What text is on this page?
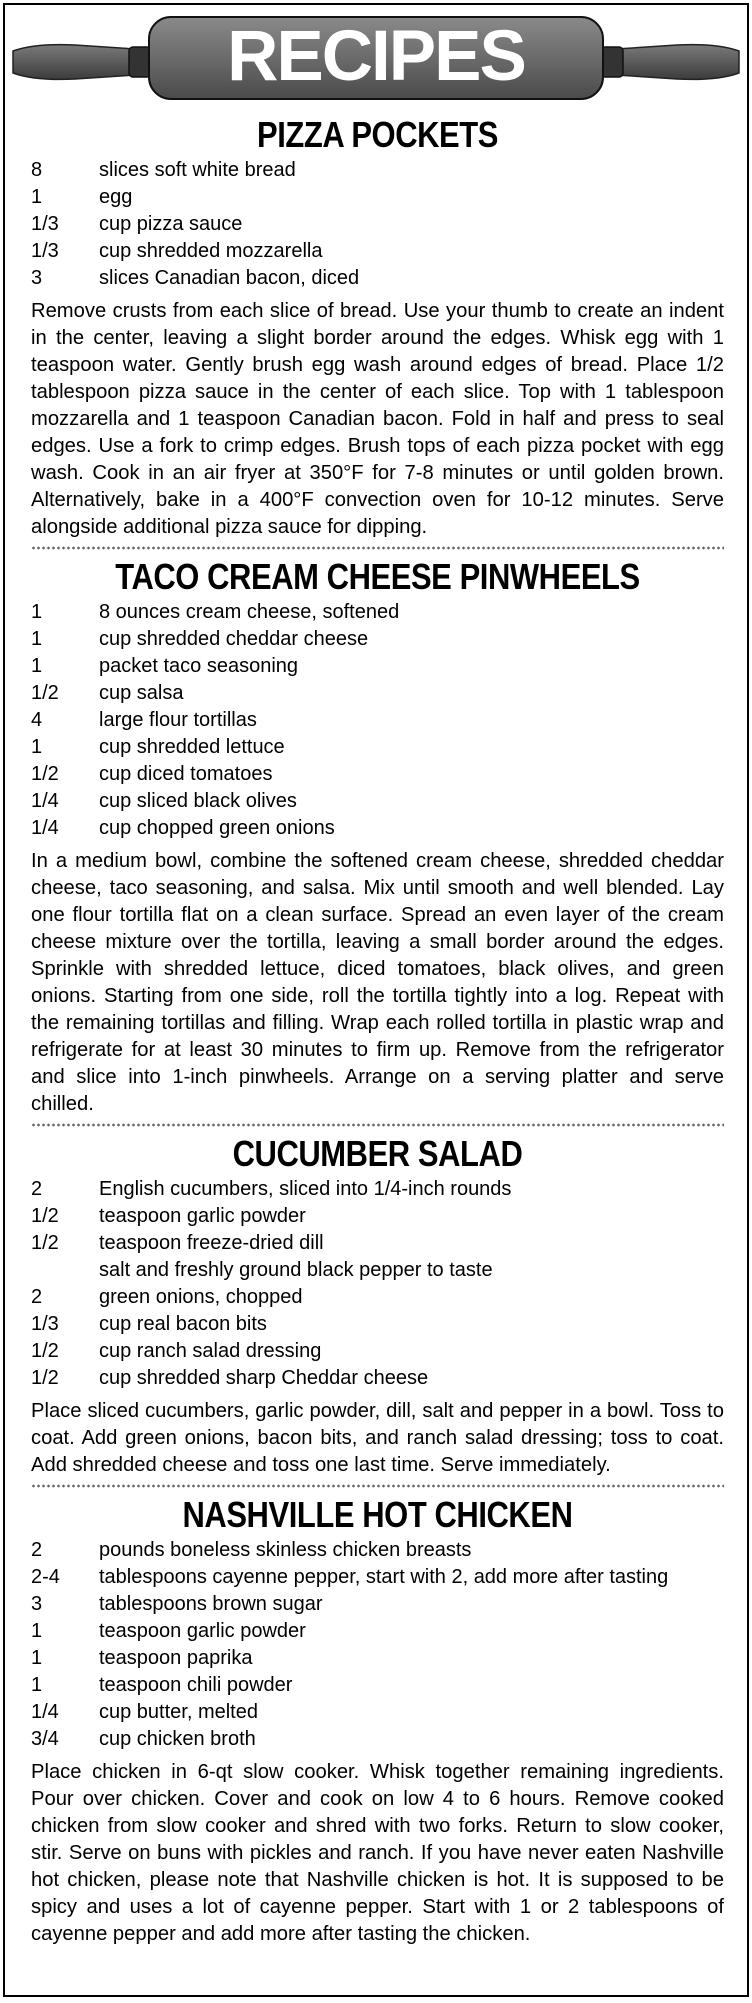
RECIPES
PIZZA POCKETS
8	slices soft white bread
1	egg
1/3	cup pizza sauce
1/3	cup shredded mozzarella
3	slices Canadian bacon, diced

Remove crusts from each slice of bread. Use your thumb to create an indent in the center, leaving a slight border around the edges. Whisk egg with 1 teaspoon water. Gently brush egg wash around edges of bread. Place 1/2 tablespoon pizza sauce in the center of each slice. Top with 1 tablespoon mozzarella and 1 teaspoon Canadian bacon. Fold in half and press to seal edges. Use a fork to crimp edges. Brush tops of each pizza pocket with egg wash. Cook in an air fryer at 350°F for 7-8 minutes or until golden brown. Alternatively, bake in a 400°F convection oven for 10-12 minutes. Serve alongside additional pizza sauce for dipping.

TACO CREAM CHEESE PINWHEELS
1	8 ounces cream cheese, softened
1	cup shredded cheddar cheese
1	packet taco seasoning
1/2	cup salsa
4	large flour tortillas
1	cup shredded lettuce
1/2	cup diced tomatoes
1/4	cup sliced black olives
1/4	cup chopped green onions

In a medium bowl, combine the softened cream cheese, shredded cheddar cheese, taco seasoning, and salsa. Mix until smooth and well blended. Lay one flour tortilla flat on a clean surface. Spread an even layer of the cream cheese mixture over the tortilla, leaving a small border around the edges. Sprinkle with shredded lettuce, diced tomatoes, black olives, and green onions. Starting from one side, roll the tortilla tightly into a log. Repeat with the remaining tortillas and filling. Wrap each rolled tortilla in plastic wrap and refrigerate for at least 30 minutes to firm up. Remove from the refrigerator and slice into 1-inch pinwheels. Arrange on a serving platter and serve chilled.

CUCUMBER SALAD
2	English cucumbers, sliced into 1/4-inch rounds
1/2	teaspoon garlic powder
1/2	teaspoon freeze-dried dill
salt and freshly ground black pepper to taste
2	green onions, chopped
1/3	cup real bacon bits
1/2	cup ranch salad dressing
1/2	cup shredded sharp Cheddar cheese

Place sliced cucumbers, garlic powder, dill, salt and pepper in a bowl. Toss to coat. Add green onions, bacon bits, and ranch salad dressing; toss to coat. Add shredded cheese and toss one last time. Serve immediately.

NASHVILLE HOT CHICKEN
2	pounds boneless skinless chicken breasts
2-4	tablespoons cayenne pepper, start with 2, add more after tasting
3	tablespoons brown sugar
1	teaspoon garlic powder
1	teaspoon paprika
1	teaspoon chili powder
1/4	cup butter, melted
3/4	cup chicken broth

Place chicken in 6-qt slow cooker. Whisk together remaining ingredients. Pour over chicken. Cover and cook on low 4 to 6 hours. Remove cooked chicken from slow cooker and shred with two forks. Return to slow cooker, stir. Serve on buns with pickles and ranch. If you have never eaten Nashville hot chicken, please note that Nashville chicken is hot. It is supposed to be spicy and uses a lot of cayenne pepper. Start with 1 or 2 tablespoons of cayenne pepper and add more after tasting the chicken.
